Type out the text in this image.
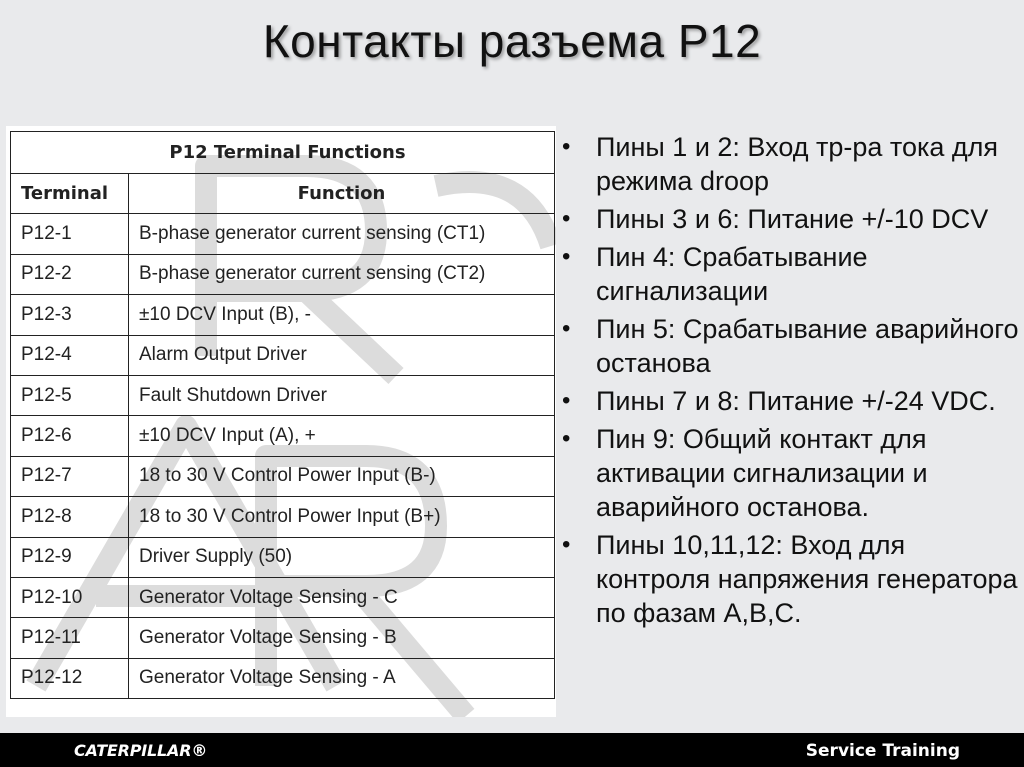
Контакты разъема P12
P12 Terminal Functions	
Terminal	Function
P12-1	B-phase generator current sensing (CT1)
P12-2	B-phase generator current sensing (CT2)
P12-3	±10 DCV Input (B), -
P12-4	Alarm Output Driver
P12-5	Fault Shutdown Driver
P12-6	±10 DCV Input (A), +
P12-7	18 to 30 V Control Power Input (B-)
P12-8	18 to 30 V Control Power Input (B+)
P12-9	Driver Supply (50)
P12-10	Generator Voltage Sensing - C
P12-11	Generator Voltage Sensing - B
P12-12	Generator Voltage Sensing - A
• Пины 1 и 2: Вход тр-ра тока для режима droop
• Пины 3 и 6: Питание +/-10 DCV
• Пин 4: Срабатывание сигнализации
• Пин 5: Срабатывание аварийного останова
• Пины 7 и 8: Питание +/-24 VDC.
• Пин 9: Общий контакт для активации сигнализации и аварийного останова.
• Пины 10,11,12: Вход для контроля напряжения генератора по фазам A,B,C.
CATERPILLAR®	Service Training
